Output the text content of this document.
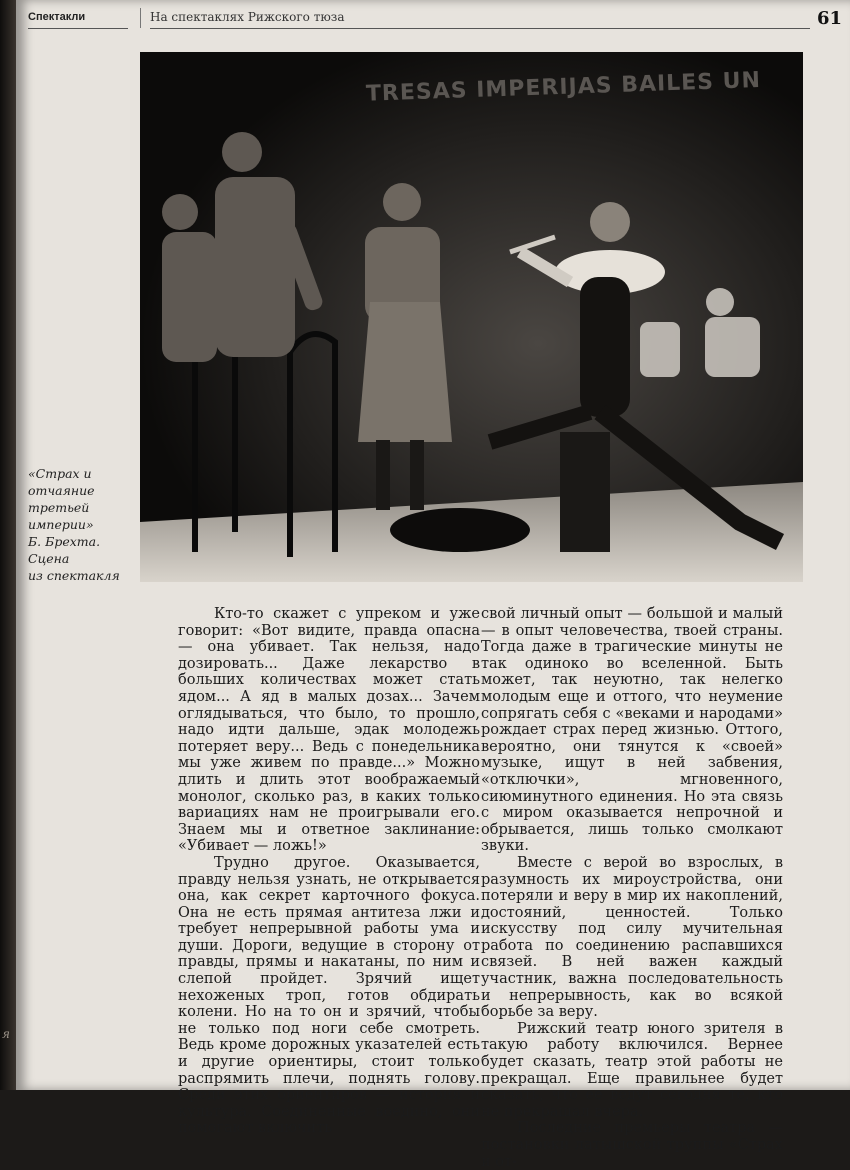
я
Спектакли	На спектаклях Рижского тюза	61
TRESAS IMPERIJAS BAILES UN
«Страх и
отчаяние
третьей
империи»
Б. Брехта.
Сцена
из спектакля

Кто-то скажет с упреком и уже говорит: «Вот видите, правда опасна — она убивает. Так нельзя, надо дозировать... Даже лекарство в больших количествах может стать ядом... А яд в малых дозах... Зачем оглядываться, что было, то прошло, надо идти дальше, эдак молодежь потеряет веру... Ведь с понедельника мы уже живем по правде...» Можно длить и длить этот воображаемый монолог, сколько раз, в каких только вариациях нам не проигрывали его. Знаем мы и ответное заклинание: «Убивает — ложь!»

Трудно другое. Оказывается, правду нельзя узнать, не открывается она, как секрет карточного фокуса. Она не есть прямая антитеза лжи и требует непрерывной работы ума и души. Дороги, ведущие в сторону от правды, прямы и накатаны, по ним и слепой пройдет. Зрячий ищет нехоженых троп, готов обдирать колени. Но на то он и зрячий, чтобы не только под ноги себе смотреть. Ведь кроме дорожных указателей есть и другие ориентиры, стоит только распрямить плечи, поднять голову. Среди этих ориентиров — история и культура. Соединенные воедино, они помогают включить

свой личный опыт — большой и малый — в опыт человечества, твоей страны. Тогда даже в трагические минуты не так одиноко во вселенной. Быть может, так неуютно, так нелегко молодым еще и оттого, что неумение сопрягать себя с «веками и народами» рождает страх перед жизнью. Оттого, вероятно, они тянутся к «своей» музыке, ищут в ней забвения, «отключки», мгновенного, сиюминутного единения. Но эта связь с миром оказывается непрочной и обрывается, лишь только смолкают звуки.

Вместе с верой во взрослых, в разумность их мироустройства, они потеряли и веру в мир их накоплений, достояний, ценностей. Только искусству под силу мучительная работа по соединению распавшихся связей. В ней важен каждый участник, важна последовательность и непрерывность, как во всякой борьбе за веру.

Рижский театр юного зрителя в такую работу включился. Вернее будет сказать, театр этой работы не прекращал. Еще правильнее будет сказать, что ее ведут сегодня те, кто не прекращал вчера.

Последние премьеры театра — постановки латышской труппы «Страх и от-
